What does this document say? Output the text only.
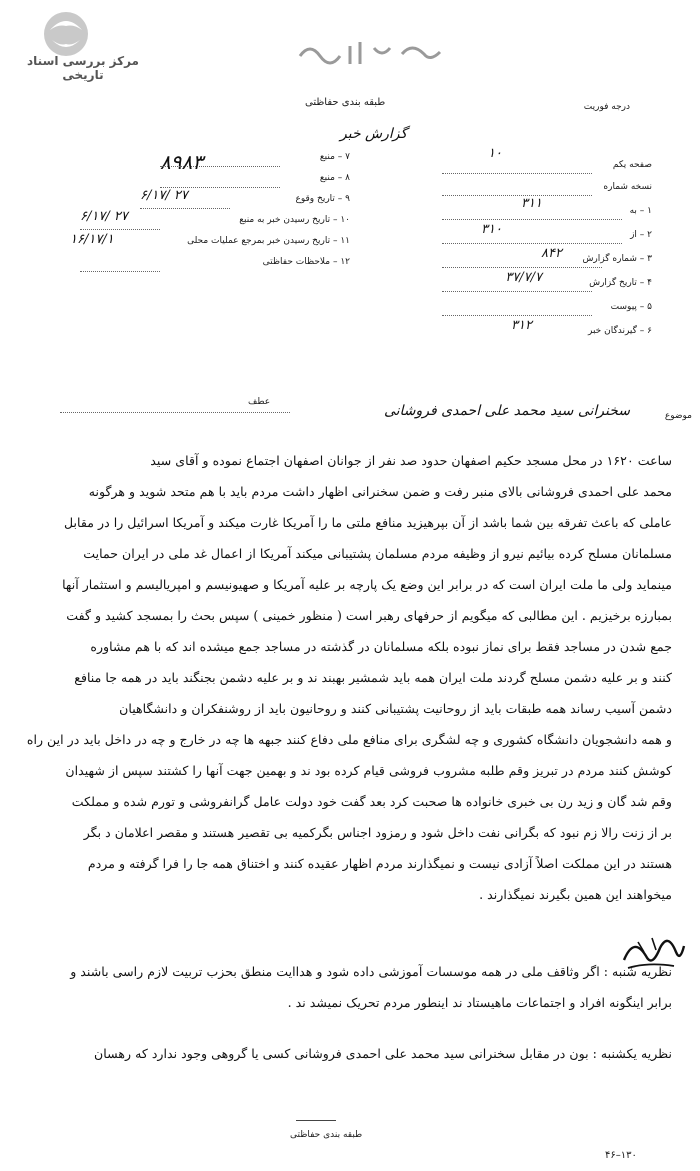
مرکز بررسی اسناد تاریخی
طبقه بندی حفاظتی	درجه فوریت
گزارش خبر
۸۹۸۳	۷ – منبع
۸ – منبع
۹ – تاریخ وقوع
۶/۱۷/ ۲۷
۱۰ – تاریخ رسیدن خبر به منبع
۶/۱۷/ ۲۷
۱۱ – تاریخ رسیدن خبر بمرجع عملیات محلی
۱۶/۱۷/۱
۱۲ – ملاحظات حفاظتی
صفحه یکم
۱۰
نسخه شماره
۱ – به
۳۱۱
۲ – از
۳۱۰
۳ – شماره گزارش
۸۴۲
۴ – تاریخ گزارش
۳۷/۷/۷
۵ – پیوست
۶ – گیرندگان خبر
۳۱۲
موضوع
سخنرانی سید محمد علی احمدی فروشانی
عطف
ساعت ۱۶۲۰ در محل مسجد حکیم اصفهان حدود صد نفر از جوانان اصفهان اجتماع نموده و آقای سید
محمد علی احمدی فروشانی بالای منبر رفت و ضمن سخنرانی اظهار داشت مردم باید با هم متحد شوید و هرگونه
عاملی که باعث تفرقه بین شما باشد از آن بپرهیزید منافع ملتی ما را آمریکا غارت میکند و آمریکا اسرائیل را در مقابل
مسلمانان مسلح کرده بیائیم نیرو از وظیفه مردم مسلمان پشتیبانی میکند آمریکا از اعمال غد ملی در ایران حمایت
مینماید ولی ما ملت ایران است که در برابر این وضع یک پارچه بر علیه آمریکا و صهیونیسم و امپریالیسم و استثمار آنها
بمبارزه برخیزیم . این مطالبی که میگویم از حرفهای رهبر است ( منظور خمینی ) سپس بحث را بمسجد کشید و گفت
جمع شدن در مساجد فقط برای نماز نبوده بلکه مسلمانان در گذشته در مساجد جمع میشده اند که با هم مشاوره
کنند و بر علیه دشمن مسلح گردند ملت ایران همه باید شمشیر بهبند ند و بر علیه دشمن بجنگند باید در همه جا منافع
دشمن آسیب رساند همه طبقات باید از روحانیت پشتیبانی کنند و روحانیون باید از روشنفکران و دانشگاهیان
و همه دانشجویان دانشگاه کشوری و چه لشگری برای منافع ملی دفاع کنند جبهه ها چه در خارج و چه در داخل باید در این راه
کوشش کنند مردم در تبریز وقم طلبه مشروب فروشی قیام کرده بود ند و بهمین جهت آنها را کشتند سپس از شهیدان
وقم شد گان و زید رن بی خبری خانواده ها صحبت کرد بعد گفت خود دولت عامل گرانفروشی و تورم شده و مملکت
بر از زنت رالا زم نبود که بگرانی نفت داخل شود و رمزود اجناس بگرکمیه بی تقصیر هستند و مقصر اعلامان د بگر
هستند در این مملکت اصلاً آزادی نیست و نمیگذارند مردم اظهار عقیده کنند و اختناق همه جا را فرا گرفته و مردم
میخواهند این همین بگیرند نمیگذارند .
نظریه شنبه : اگر وثاقف ملی در همه موسسات آموزشی داده شود و هداایت منطق بحزب تربیت لازم راسی باشند و
برابر اینگونه افراد و اجتماعات ماهیستاد ند اینطور مردم تحریک نمیشد ند .
نظریه یکشنبه : بون در مقابل سخنرانی سید محمد علی احمدی فروشانی کسی یا گروهی وجود ندارد که رهسان
طبقه بندی حفاظتی
۴۶–۱۳۰
